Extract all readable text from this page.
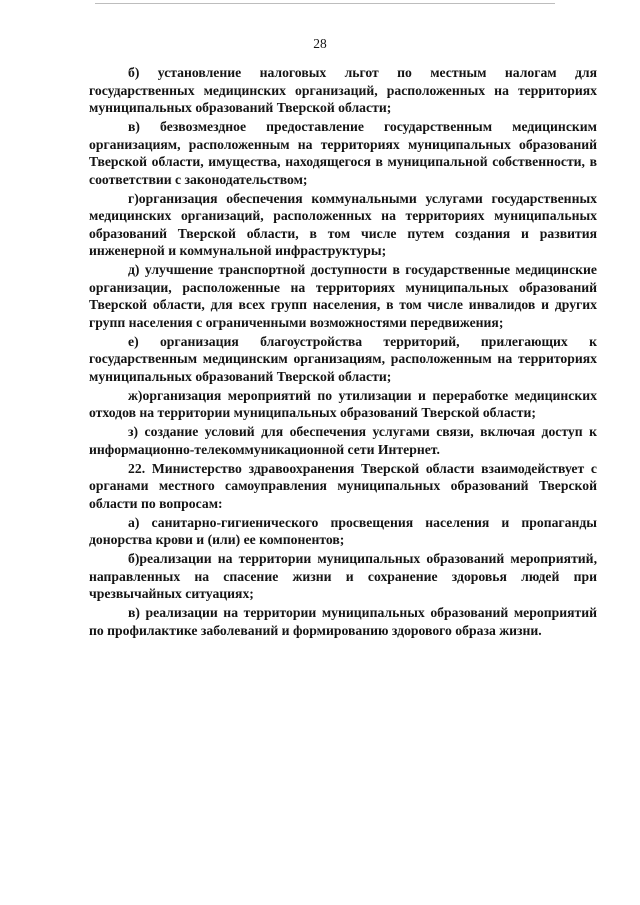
28

б) установление налоговых льгот по местным налогам для государственных медицинских организаций, расположенных на территориях муниципальных образований Тверской области;

в) безвозмездное предоставление государственным медицинским организациям, расположенным на территориях муниципальных образований Тверской области, имущества, находящегося в муниципальной собственности, в соответствии с законодательством;

г)организация обеспечения коммунальными услугами государственных медицинских организаций, расположенных на территориях муниципальных образований Тверской области, в том числе путем создания и развития инженерной и коммунальной инфраструктуры;

д) улучшение транспортной доступности в государственные медицинские организации, расположенные на территориях муниципальных образований Тверской области, для всех групп населения, в том числе инвалидов и других групп населения с ограниченными возможностями передвижения;

е) организация благоустройства территорий, прилегающих к государственным медицинским организациям, расположенным на территориях муниципальных образований Тверской области;

ж)организация мероприятий по утилизации и переработке медицинских отходов на территории муниципальных образований Тверской области;

з) создание условий для обеспечения услугами связи, включая доступ к информационно-телекоммуникационной сети Интернет.

22. Министерство здравоохранения Тверской области взаимодействует с органами местного самоуправления муниципальных образований Тверской области по вопросам:

а) санитарно-гигиенического просвещения населения и пропаганды донорства крови и (или) ее компонентов;

б)реализации на территории муниципальных образований мероприятий, направленных на спасение жизни и сохранение здоровья людей при чрезвычайных ситуациях;

в) реализации на территории муниципальных образований мероприятий по профилактике заболеваний и формированию здорового образа жизни.
